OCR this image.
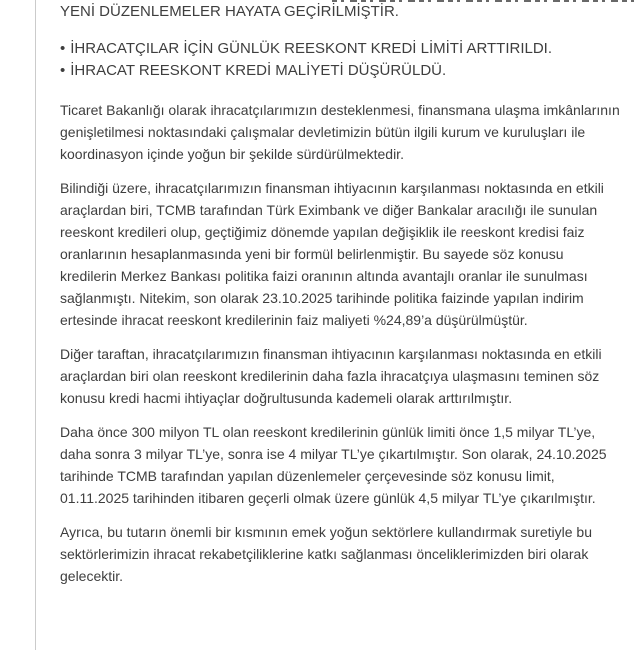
YENİ DÜZENLEMELER HAYATA GEÇİRİLMİŞTİR.
• İHRACATÇILAR İÇİN GÜNLÜK REESKONT KREDİ LİMİTİ ARTTIRILDI.
• İHRACAT REESKONT KREDİ MALİYETİ DÜŞÜRÜLDÜ.

Ticaret Bakanlığı olarak ihracatçılarımızın desteklenmesi, finansmana ulaşma imkânlarının genişletilmesi noktasındaki çalışmalar devletimizin bütün ilgili kurum ve kuruluşları ile koordinasyon içinde yoğun bir şekilde sürdürülmektedir.

Bilindiği üzere, ihracatçılarımızın finansman ihtiyacının karşılanması noktasında en etkili araçlardan biri, TCMB tarafından Türk Eximbank ve diğer Bankalar aracılığı ile sunulan reeskont kredileri olup, geçtiğimiz dönemde yapılan değişiklik ile reeskont kredisi faiz oranlarının hesaplanmasında yeni bir formül belirlenmiştir. Bu sayede söz konusu kredilerin Merkez Bankası politika faizi oranının altında avantajlı oranlar ile sunulması sağlanmıştı. Nitekim, son olarak 23.10.2025 tarihinde politika faizinde yapılan indirim ertesinde ihracat reeskont kredilerinin faiz maliyeti %24,89’a düşürülmüştür.

Diğer taraftan, ihracatçılarımızın finansman ihtiyacının karşılanması noktasında en etkili araçlardan biri olan reeskont kredilerinin daha fazla ihracatçıya ulaşmasını teminen söz konusu kredi hacmi ihtiyaçlar doğrultusunda kademeli olarak arttırılmıştır.

Daha önce 300 milyon TL olan reeskont kredilerinin günlük limiti önce 1,5 milyar TL’ye, daha sonra 3 milyar TL’ye, sonra ise 4 milyar TL’ye çıkartılmıştır. Son olarak, 24.10.2025 tarihinde TCMB tarafından yapılan düzenlemeler çerçevesinde söz konusu limit, 01.11.2025 tarihinden itibaren geçerli olmak üzere günlük 4,5 milyar TL’ye çıkarılmıştır.

Ayrıca, bu tutarın önemli bir kısmının emek yoğun sektörlere kullandırmak suretiyle bu sektörlerimizin ihracat rekabetçiliklerine katkı sağlanması önceliklerimizden biri olarak gelecektir.
